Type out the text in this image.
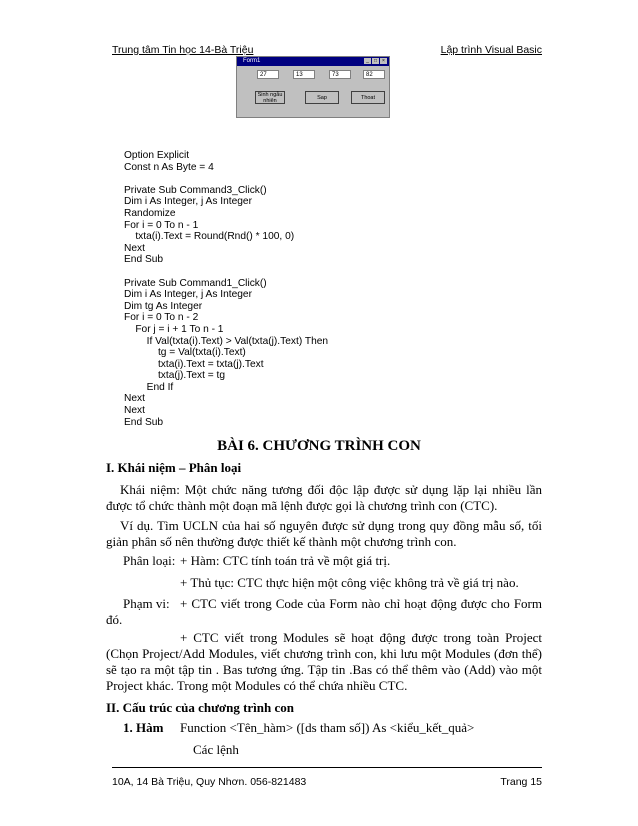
Trung tâm Tin học 14-Bà Triệu	Lập trình Visual Basic
Form1	_	□	×
27	13	73	82
Sinh ngẫu nhiên	Sap	Thoat
Option Explicit
Const n As Byte = 4
Private Sub Command3_Click()
Dim i As Integer, j As Integer
Randomize
For i = 0 To n - 1
txta(i).Text = Round(Rnd() * 100, 0)
Next
End Sub
Private Sub Command1_Click()
Dim i As Integer, j As Integer
Dim tg As Integer
For i = 0 To n - 2
For j = i + 1 To n - 1
If Val(txta(i).Text) > Val(txta(j).Text) Then
tg = Val(txta(i).Text)
txta(i).Text = txta(j).Text
txta(j).Text = tg
End If
Next
Next
End Sub
BÀI 6. CHƯƠNG TRÌNH CON
I. Khái niệm – Phân loại
Khái niệm: Một chức năng tương đối độc lập được sử dụng lặp lại nhiều lần được tổ chức thành một đoạn mã lệnh được gọi là chương trình con (CTC).
Ví dụ. Tìm UCLN của hai số nguyên được sử dụng trong quy đồng mẫu số, tối giản phân số nên thường được thiết kế thành một chương trình con.
Phân loại: + Hàm: CTC tính toán trả về một giá trị.
+ Thủ tục: CTC thực hiện một công việc không trả về giá trị nào.
Phạm vi: + CTC viết trong Code của Form nào chỉ hoạt động được cho Form đó.
+ CTC viết trong Modules sẽ hoạt động được trong toàn Project (Chọn Project/Add Modules, viết chương trình con, khi lưu một Modules (đơn thể) sẽ tạo ra một tập tin . Bas tương ứng. Tập tin .Bas có thể thêm vào (Add) vào một Project khác. Trong một Modules có thể chứa nhiều CTC.
II. Cấu trúc của chương trình con
1. Hàm	Function <Tên_hàm> ([ds tham số]) As <kiểu_kết_quả>
Các lệnh
10A, 14 Bà Triệu, Quy Nhơn. 056-821483	Trang 15
